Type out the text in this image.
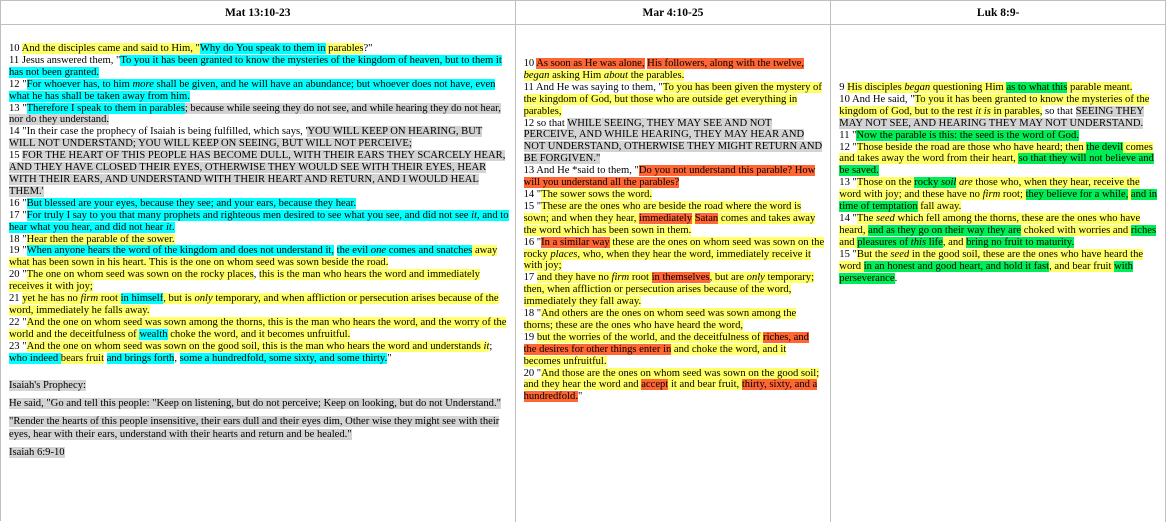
Mat 13:10-23

10 And the disciples came and said to Him, "Why do You speak to them in parables?"

11 Jesus answered them, "To you it has been granted to know the mysteries of the kingdom of heaven, but to them it has not been granted.

12 "For whoever has, to him more shall be given, and he will have an abundance; but whoever does not have, even what he has shall be taken away from him.

13 "Therefore I speak to them in parables; because while seeing they do not see, and while hearing they do not hear, nor do they understand.

14 "In their case the prophecy of Isaiah is being fulfilled, which says, 'YOU WILL KEEP ON HEARING, BUT WILL NOT UNDERSTAND; YOU WILL KEEP ON SEEING, BUT WILL NOT PERCEIVE;

15 FOR THE HEART OF THIS PEOPLE HAS BECOME DULL, WITH THEIR EARS THEY SCARCELY HEAR, AND THEY HAVE CLOSED THEIR EYES, OTHERWISE THEY WOULD SEE WITH THEIR EYES, HEAR WITH THEIR EARS, AND UNDERSTAND WITH THEIR HEART AND RETURN, AND I WOULD HEAL THEM.'

16 "But blessed are your eyes, because they see; and your ears, because they hear.

17 "For truly I say to you that many prophets and righteous men desired to see what you see, and did not see it, and to hear what you hear, and did not hear it.

18 "Hear then the parable of the sower.

19 "When anyone hears the word of the kingdom and does not understand it, the evil one comes and snatches away what has been sown in his heart. This is the one on whom seed was sown beside the road.

20 "The one on whom seed was sown on the rocky places, this is the man who hears the word and immediately receives it with joy;

21 yet he has no firm root in himself, but is only temporary, and when affliction or persecution arises because of the word, immediately he falls away.

22 "And the one on whom seed was sown among the thorns, this is the man who hears the word, and the worry of the world and the deceitfulness of wealth choke the word, and it becomes unfruitful.

23 "And the one on whom seed was sown on the good soil, this is the man who hears the word and understands it; who indeed bears fruit and brings forth, some a hundredfold, some sixty, and some thirty."

Isaiah's Prophecy:

He said, "Go and tell this people: "Keep on listening, but do not perceive; Keep on looking, but do not Understand."

"Render the hearts of this people insensitive, their ears dull and their eyes dim, Other wise they might see with their eyes, hear with their ears, understand with their hearts and return and be healed."

Isaiah 6:9-10

Mar 4:10-25

10 As soon as He was alone, His followers, along with the twelve, began asking Him about the parables.

11 And He was saying to them, "To you has been given the mystery of the kingdom of God, but those who are outside get everything in parables,

12 so that WHILE SEEING, THEY MAY SEE AND NOT PERCEIVE, AND WHILE HEARING, THEY MAY HEAR AND NOT UNDERSTAND, OTHERWISE THEY MIGHT RETURN AND BE FORGIVEN."

13 And He *said to them, "Do you not understand this parable? How will you understand all the parables?

14 "The sower sows the word.

15 "These are the ones who are beside the road where the word is sown; and when they hear, immediately Satan comes and takes away the word which has been sown in them.

16 "In a similar way these are the ones on whom seed was sown on the rocky places, who, when they hear the word, immediately receive it with joy;

17 and they have no firm root in themselves, but are only temporary; then, when affliction or persecution arises because of the word, immediately they fall away.

18 "And others are the ones on whom seed was sown among the thorns; these are the ones who have heard the word,

19 but the worries of the world, and the deceitfulness of riches, and the desires for other things enter in and choke the word, and it becomes unfruitful.

20 "And those are the ones on whom seed was sown on the good soil; and they hear the word and accept it and bear fruit, thirty, sixty, and a hundredfold."

Luk 8:9-

9 His disciples began questioning Him as to what this parable meant.

10 And He said, "To you it has been granted to know the mysteries of the kingdom of God, but to the rest it is in parables, so that SEEING THEY MAY NOT SEE, AND HEARING THEY MAY NOT UNDERSTAND.

11 "Now the parable is this: the seed is the word of God.

12 "Those beside the road are those who have heard; then the devil comes and takes away the word from their heart, so that they will not believe and be saved.

13 "Those on the rocky soil are those who, when they hear, receive the word with joy; and these have no firm root; they believe for a while, and in time of temptation fall away.

14 "The seed which fell among the thorns, these are the ones who have heard, and as they go on their way they are choked with worries and riches and pleasures of this life, and bring no fruit to maturity.

15 "But the seed in the good soil, these are the ones who have heard the word in an honest and good heart, and hold it fast, and bear fruit with perseverance.
